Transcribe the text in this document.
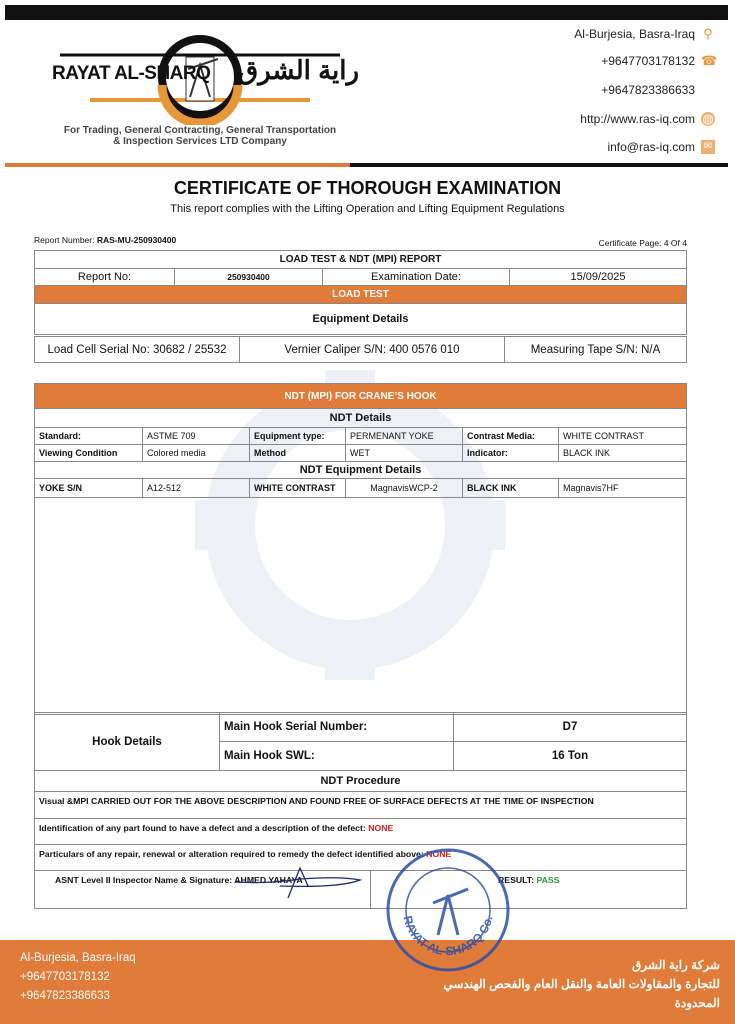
RAYAT AL-SHARQ راية الشرق
For Trading, General Contracting, General Transportation
& Inspection Services LTD Company
Al-Burjesia, Basra-Iraq ⚲
+9647703178132 ☎
+9647823386633
http://www.ras-iq.com ◍
info@ras-iq.com ✉
CERTIFICATE OF THOROUGH EXAMINATION
This report complies with the Lifting Operation and Lifting Equipment Regulations
Report Number: RAS-MU-250930400	Certificate Page: 4 Of 4
LOAD TEST & NDT (MPI) REPORT
Report No:	250930400	Examination Date:	15/09/2025
LOAD TEST
Equipment Details
Load Cell Serial No: 30682 / 25532	Vernier Caliper S/N: 400 0576 010	Measuring Tape S/N: N/A
NDT (MPI) FOR CRANE’S HOOK					
NDT Details					
Standard:	ASTME 709	Equipment type:	PERMENANT YOKE	Contrast Media:	WHITE CONTRAST
Viewing Condition	Colored media	Method	WET	Indicator:	BLACK INK
NDT Equipment Details					
YOKE S/N	A12-512	WHITE CONTRAST	MagnavisWCP-2	BLACK INK	Magnavis7HF

Hook Details	Main Hook Serial Number:	D7
	Main Hook SWL:	16 Ton
NDT Procedure
Visual &MPI CARRIED OUT FOR THE ABOVE DESCRIPTION AND FOUND FREE OF SURFACE DEFECTS AT THE TIME OF INSPECTION
Identification of any part found to have a defect and a description of the defect: NONE
Particulars of any repair, renewal or alteration required to remedy the defect identified above: NONE
ASNT Level II Inspector Name & Signature: AHMED YAHAYA	RESULT: PASS
Al-Burjesia, Basra-Iraq
+9647703178132
+9647823386633
شركة راية الشرق
للتجارة والمقاولات العامة والنقل العام والفحص الهندسي
المحدودة
RAYAT AL-SHARQ Co.
